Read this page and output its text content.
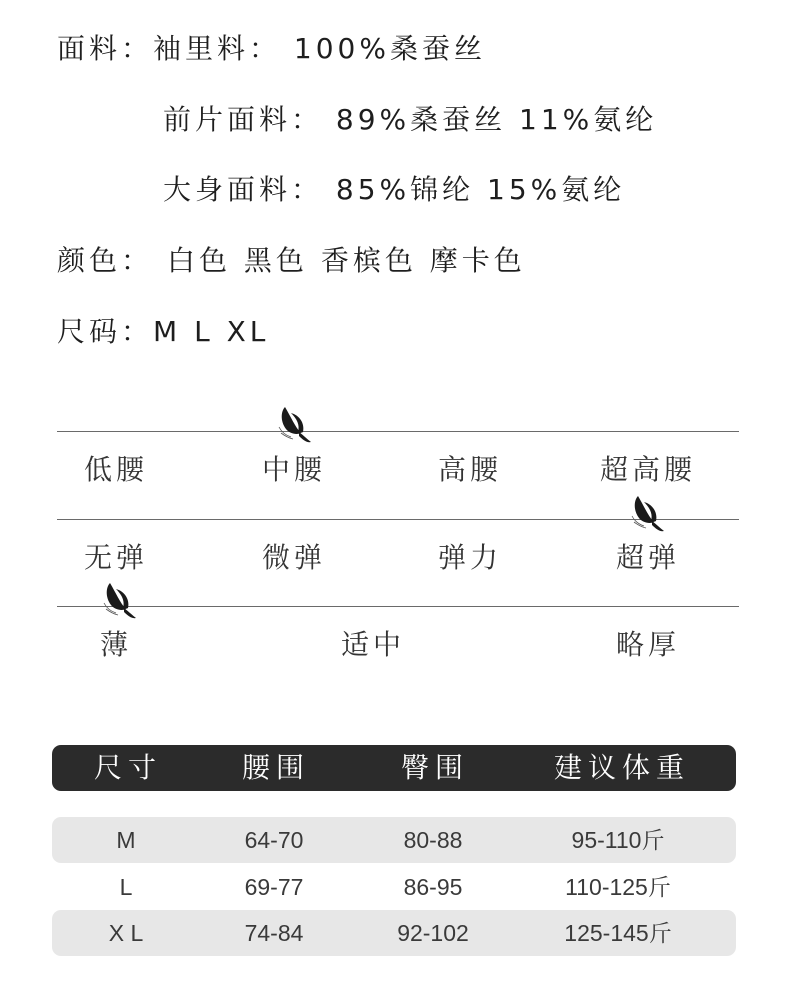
面料：袖里料： 100%桑蚕丝
前片面料： 89%桑蚕丝 11%氨纶
大身面料： 85%锦纶 15%氨纶
颜色： 白色 黑色 香槟色 摩卡色
尺码：M L XL
低腰	中腰	高腰	超高腰
无弹	微弹	弹力	超弹
薄	适中	略厚
尺寸	腰围	臀围	建议体重
M	64-70	80-88	95-110斤
L	69-77	86-95	110-125斤
X L	74-84	92-102	125-145斤
